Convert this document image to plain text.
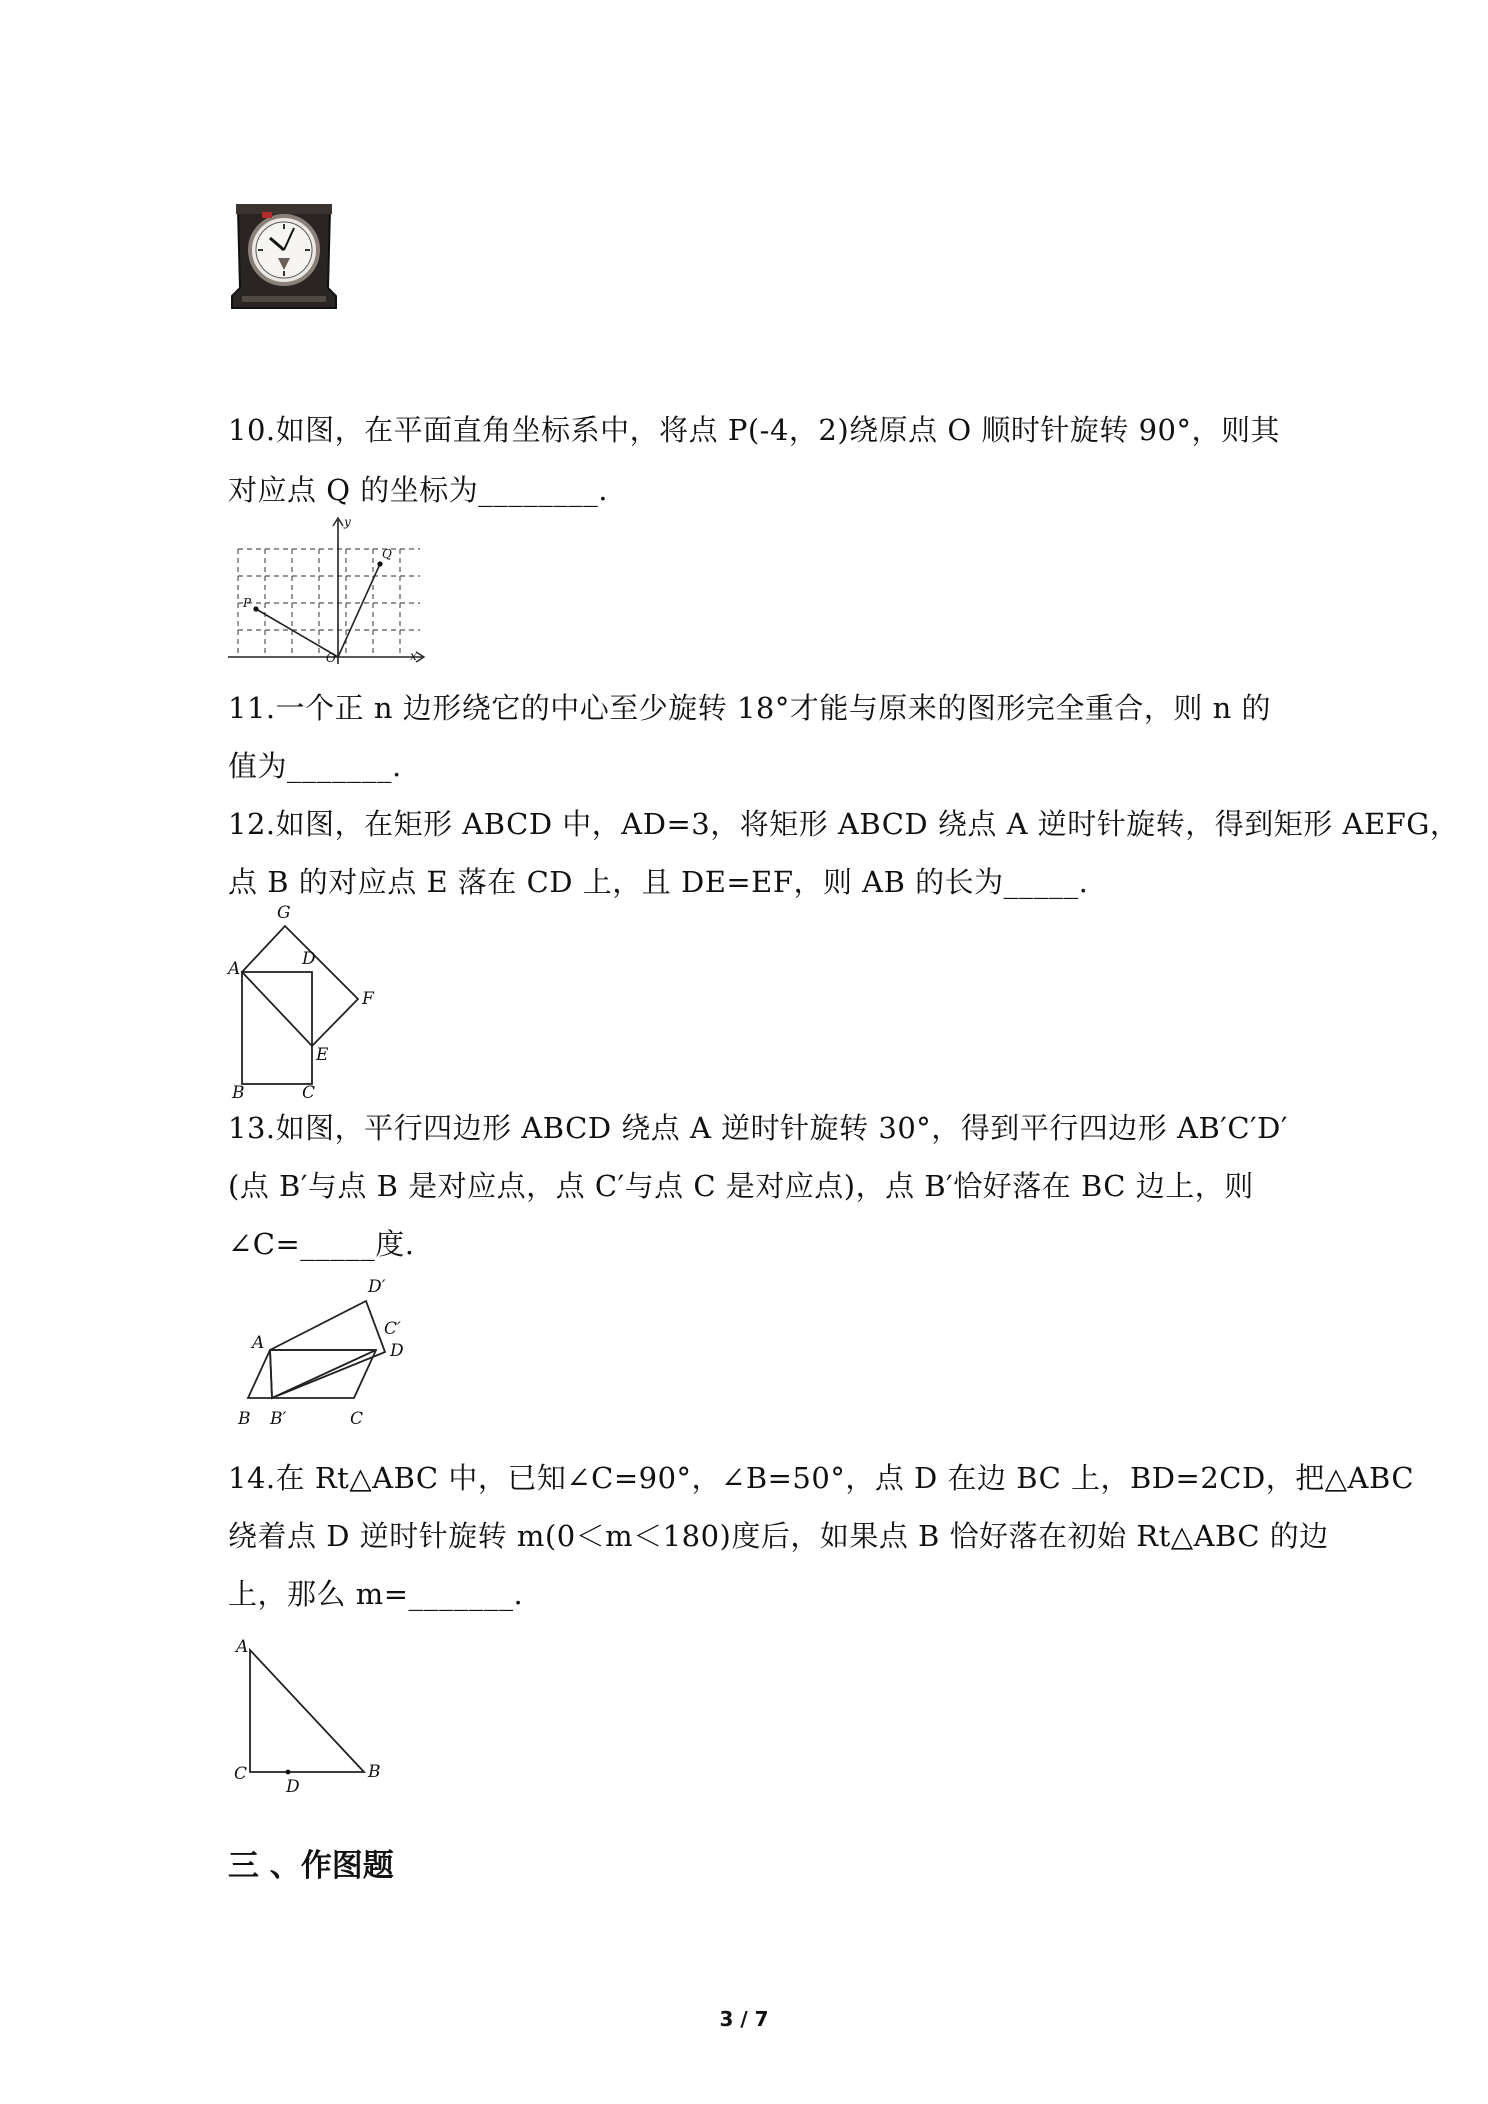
10.如图，在平面直角坐标系中，将点 P(-4，2)绕原点 O 顺时针旋转 90°，则其
对应点 Q 的坐标为________.
y
x
O
P
Q
11.一个正 n 边形绕它的中心至少旋转 18°才能与原来的图形完全重合，则 n 的
值为_______.
12.如图，在矩形 ABCD 中，AD=3，将矩形 ABCD 绕点 A 逆时针旋转，得到矩形 AEFG，
点 B 的对应点 E 落在 CD 上，且 DE=EF，则 AB 的长为_____.
G
A	D
F
E
B	C
13.如图，平行四边形 ABCD 绕点 A 逆时针旋转 30°，得到平行四边形 AB′C′D′
(点 B′与点 B 是对应点，点 C′与点 C 是对应点)，点 B′恰好落在 BC 边上，则
∠C=_____度.
A
D′
C′
D
B B′	C
14.在 Rt△ABC 中，已知∠C=90°，∠B=50°，点 D 在边 BC 上，BD=2CD，把△ABC
绕着点 D 逆时针旋转 m(0＜m＜180)度后，如果点 B 恰好落在初始 Rt△ABC 的边
上，那么 m=_______.
A
C
D
B
三 、作图题
3 / 7
